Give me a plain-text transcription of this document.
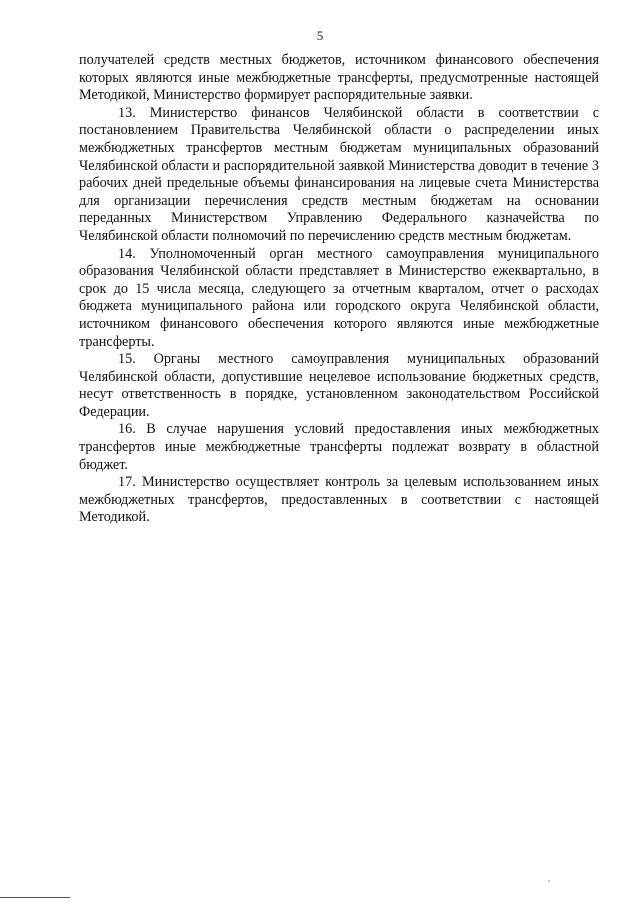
5

получателей средств местных бюджетов, источником финансового обеспечения которых являются иные межбюджетные трансферты, предусмотренные настоящей Методикой, Министерство формирует распорядительные заявки.

13. Министерство финансов Челябинской области в соответствии с постановлением Правительства Челябинской области о распределении иных межбюджетных трансфертов местным бюджетам муниципальных образований Челябинской области и распорядительной заявкой Министерства доводит в течение 3 рабочих дней предельные объемы финансирования на лицевые счета Министерства для организации перечисления средств местным бюджетам на основании переданных Министерством Управлению Федерального казначейства по Челябинской области полномочий по перечислению средств местным бюджетам.

14. Уполномоченный орган местного самоуправления муниципального образования Челябинской области представляет в Министерство ежеквартально, в срок до 15 числа месяца, следующего за отчетным кварталом, отчет о расходах бюджета муниципального района или городского округа Челябинской области, источником финансового обеспечения которого являются иные межбюджетные трансферты.

15. Органы местного самоуправления муниципальных образований Челябинской области, допустившие нецелевое использование бюджетных средств, несут ответственность в порядке, установленном законодательством Российской Федерации.

16. В случае нарушения условий предоставления иных межбюджетных трансфертов иные межбюджетные трансферты подлежат возврату в областной бюджет.

17. Министерство осуществляет контроль за целевым использованием иных межбюджетных трансфертов, предоставленных в соответствии с настоящей Методикой.
